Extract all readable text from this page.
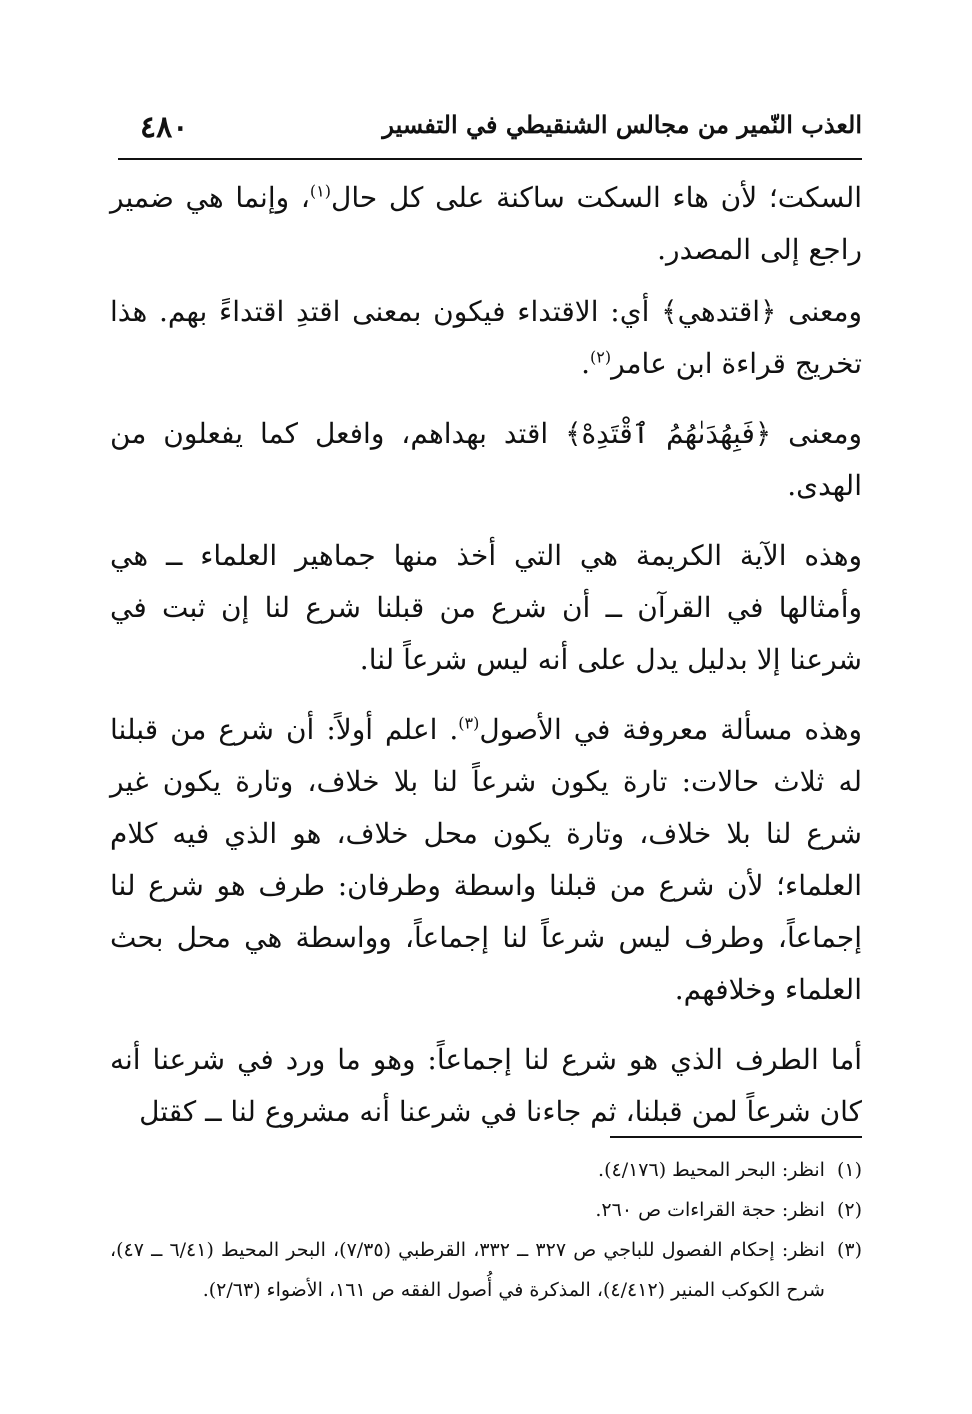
٤٨٠	العذب النّمير من مجالس الشنقيطي في التفسير

السكت؛ لأن هاء السكت ساكنة على كل حال$^{(١)}$، وإنما هي ضمير راجع إلى المصدر.

ومعنى ﴿اقتدهي﴾ أي: الاقتداء فيكون بمعنى اقتدِ اقتداءً بهم. هذا تخريج قراءة ابن عامر$^{(٢)}$.

ومعنى ﴿فَبِهُدَىٰهُمُ ٱقْتَدِهْ﴾ اقتد بهداهم، وافعل كما يفعلون من الهدى.

وهذه الآية الكريمة هي التي أخذ منها جماهير العلماء ــ هي وأمثالها في القرآن ــ أن شرع من قبلنا شرع لنا إن ثبت في شرعنا إلا بدليل يدل على أنه ليس شرعاً لنا.

وهذه مسألة معروفة في الأصول$^{(٣)}$. اعلم أولاً: أن شرع من قبلنا له ثلاث حالات: تارة يكون شرعاً لنا بلا خلاف، وتارة يكون غير شرع لنا بلا خلاف، وتارة يكون محل خلاف، هو الذي فيه كلام العلماء؛ لأن شرع من قبلنا واسطة وطرفان: طرف هو شرع لنا إجماعاً، وطرف ليس شرعاً لنا إجماعاً، وواسطة هي محل بحث العلماء وخلافهم.

أما الطرف الذي هو شرع لنا إجماعاً: وهو ما ورد في شرعنا أنه كان شرعاً لمن قبلنا، ثم جاءنا في شرعنا أنه مشروع لنا ــ كقتل

(١)
انظر: البحر المحيط (٤/١٧٦).

(٢)
انظر: حجة القراءات ص ٢٦٠.

(٣)
انظر: إحكام الفصول للباجي ص ٣٢٧ ــ ٣٣٢، القرطبي (٧/٣٥)، البحر المحيط (٦/٤١ ــ ٤٧)، شرح الكوكب المنير (٤/٤١٢)، المذكرة في أُصول الفقه ص ١٦١، الأضواء (٢/٦٣).
